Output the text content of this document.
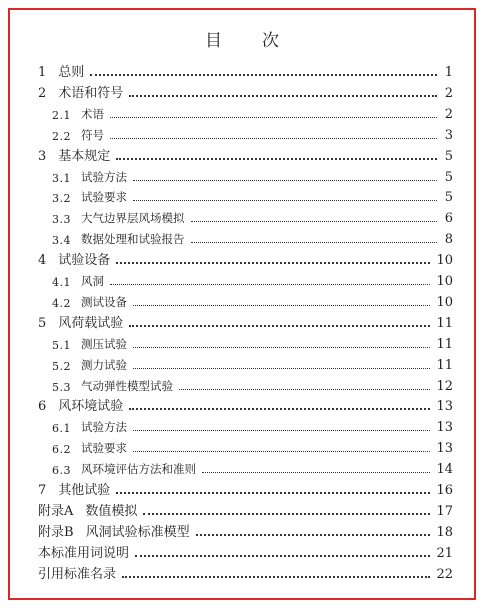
目 次
1 总则	1
2 术语和符号	2
2.1 术语	2
2.2 符号	3
3 基本规定	5
3.1 试验方法	5
3.2 试验要求	5
3.3 大气边界层风场模拟	6
3.4 数据处理和试验报告	8
4 试验设备	10
4.1 风洞	10
4.2 测试设备	10
5 风荷载试验	11
5.1 测压试验	11
5.2 测力试验	11
5.3 气动弹性模型试验	12
6 风环境试验	13
6.1 试验方法	13
6.2 试验要求	13
6.3 风环境评估方法和准则	14
7 其他试验	16
附录A 数值模拟	17
附录B 风洞试验标准模型	18
本标准用词说明	21
引用标准名录	22
